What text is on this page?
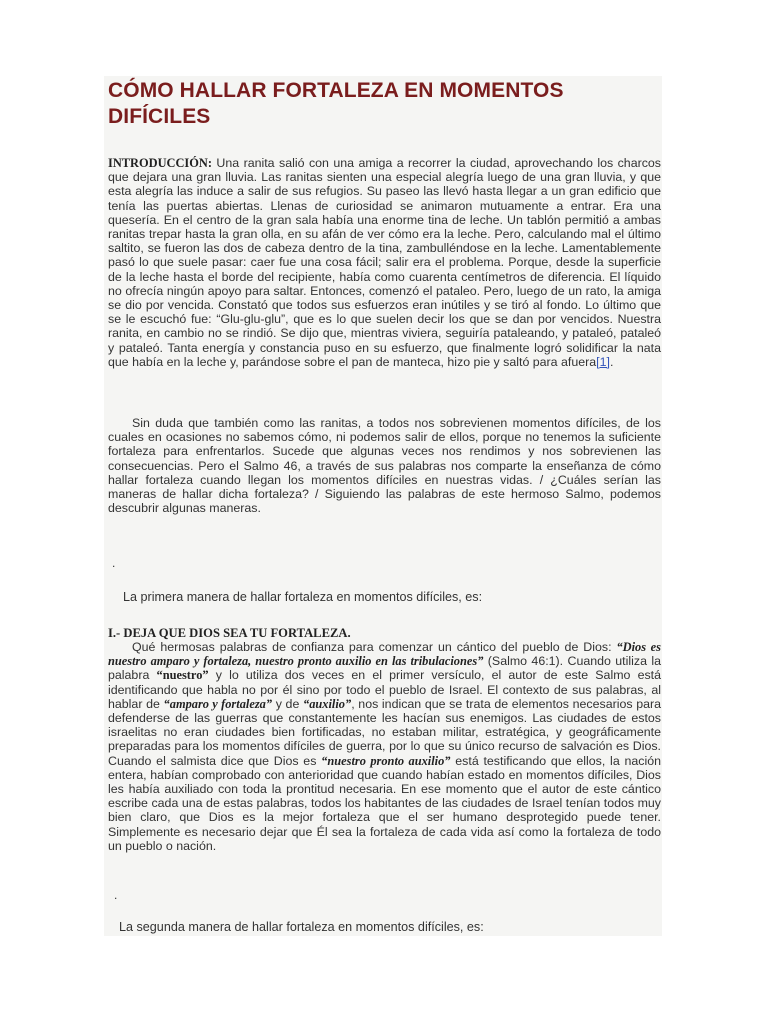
CÓMO HALLAR FORTALEZA EN MOMENTOS DIFÍCILES

INTRODUCCIÓN: Una ranita salió con una amiga a recorrer la ciudad, aprovechando los charcos que dejara una gran lluvia. Las ranitas sienten una especial alegría luego de una gran lluvia, y que esta alegría las induce a salir de sus refugios. Su paseo las llevó hasta llegar a un gran edificio que tenía las puertas abiertas. Llenas de curiosidad se animaron mutuamente a entrar. Era una quesería. En el centro de la gran sala había una enorme tina de leche. Un tablón permitió a ambas ranitas trepar hasta la gran olla, en su afán de ver cómo era la leche. Pero, calculando mal el último saltito, se fueron las dos de cabeza dentro de la tina, zambulléndose en la leche. Lamentablemente pasó lo que suele pasar: caer fue una cosa fácil; salir era el problema. Porque, desde la superficie de la leche hasta el borde del recipiente, había como cuarenta centímetros de diferencia. El líquido no ofrecía ningún apoyo para saltar. Entonces, comenzó el pataleo. Pero, luego de un rato, la amiga se dio por vencida. Constató que todos sus esfuerzos eran inútiles y se tiró al fondo. Lo último que se le escuchó fue: “Glu-glu-glu”, que es lo que suelen decir los que se dan por vencidos. Nuestra ranita, en cambio no se rindió. Se dijo que, mientras viviera, seguiría pataleando, y pataleó, pataleó y pataleó. Tanta energía y constancia puso en su esfuerzo, que finalmente logró solidificar la nata que había en la leche y, parándose sobre el pan de manteca, hizo pie y saltó para afuera[1].

Sin duda que también como las ranitas, a todos nos sobrevienen momentos difíciles, de los cuales en ocasiones no sabemos cómo, ni podemos salir de ellos, porque no tenemos la suficiente fortaleza para enfrentarlos. Sucede que algunas veces nos rendimos y nos sobrevienen las consecuencias. Pero el Salmo 46, a través de sus palabras nos comparte la enseñanza de cómo hallar fortaleza cuando llegan los momentos difíciles en nuestras vidas. / ¿Cuáles serían las maneras de hallar dicha fortaleza? / Siguiendo las palabras de este hermoso Salmo, podemos descubrir algunas maneras.

.
La primera manera de hallar fortaleza en momentos difíciles, es:
I.- DEJA QUE DIOS SEA TU FORTALEZA.

Qué hermosas palabras de confianza para comenzar un cántico del pueblo de Dios: “Dios es nuestro amparo y fortaleza, nuestro pronto auxilio en las tribulaciones” (Salmo 46:1). Cuando utiliza la palabra “nuestro” y lo utiliza dos veces en el primer versículo, el autor de este Salmo está identificando que habla no por él sino por todo el pueblo de Israel. El contexto de sus palabras, al hablar de “amparo y fortaleza” y de “auxilio”, nos indican que se trata de elementos necesarios para defenderse de las guerras que constantemente les hacían sus enemigos. Las ciudades de estos israelitas no eran ciudades bien fortificadas, no estaban militar, estratégica, y geográficamente preparadas para los momentos difíciles de guerra, por lo que su único recurso de salvación es Dios. Cuando el salmista dice que Dios es “nuestro pronto auxilio” está testificando que ellos, la nación entera, habían comprobado con anterioridad que cuando habían estado en momentos difíciles, Dios les había auxiliado con toda la prontitud necesaria. En ese momento que el autor de este cántico escribe cada una de estas palabras, todos los habitantes de las ciudades de Israel tenían todos muy bien claro, que Dios es la mejor fortaleza que el ser humano desprotegido puede tener. Simplemente es necesario dejar que Él sea la fortaleza de cada vida así como la fortaleza de todo un pueblo o nación.

.
La segunda manera de hallar fortaleza en momentos difíciles, es:
